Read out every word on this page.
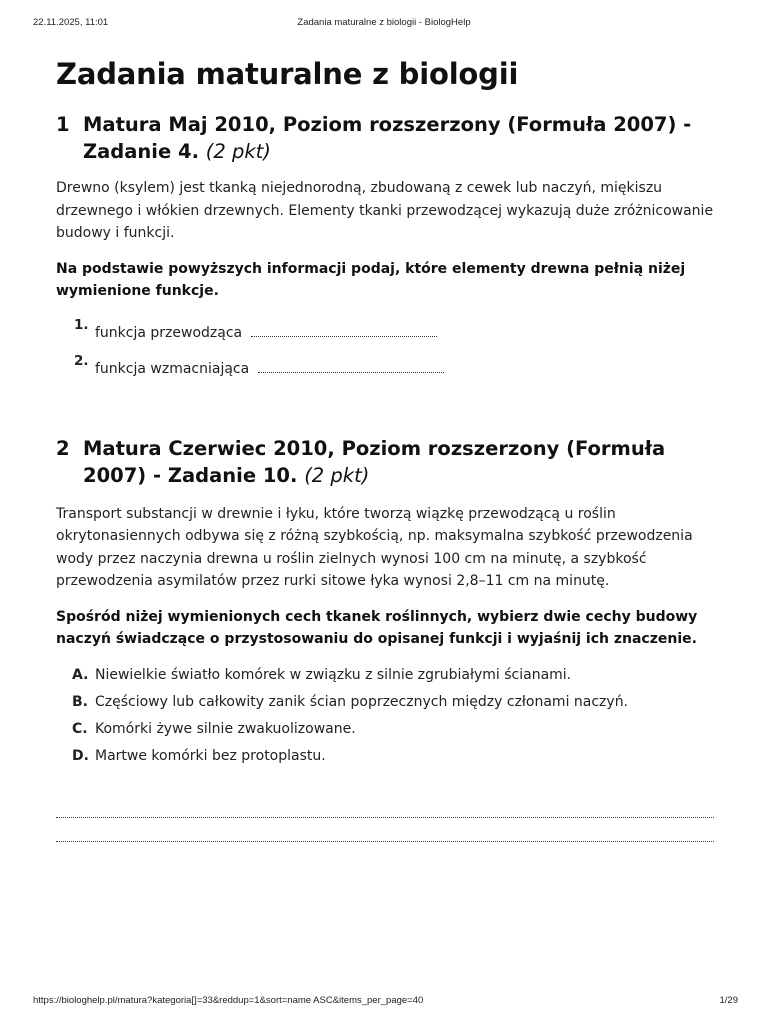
22.11.2025, 11:01	Zadania maturalne z biologii - BiologHelp
Zadania maturalne z biologii
1 Matura Maj 2010, Poziom rozszerzony (Formuła 2007) - Zadanie 4. (2 pkt)

Drewno (ksylem) jest tkanką niejednorodną, zbudowaną z cewek lub naczyń, miękiszu drzewnego i włókien drzewnych. Elementy tkanki przewodzącej wykazują duże zróżnicowanie budowy i funkcji.

Na podstawie powyższych informacji podaj, które elementy drewna pełnią niżej wymienione funkcje.

1. funkcja przewodząca
2. funkcja wzmacniająca
2 Matura Czerwiec 2010, Poziom rozszerzony (Formuła
2007) - Zadanie 10. (2 pkt)

Transport substancji w drewnie i łyku, które tworzą wiązkę przewodzącą u roślin okrytonasiennych odbywa się z różną szybkością, np. maksymalna szybkość przewodzenia wody przez naczynia drewna u roślin zielnych wynosi 100 cm na minutę, a szybkość przewodzenia asymilatów przez rurki sitowe łyka wynosi 2,8–11 cm na minutę.

Spośród niżej wymienionych cech tkanek roślinnych, wybierz dwie cechy budowy naczyń świadczące o przystosowaniu do opisanej funkcji i wyjaśnij ich znaczenie.

A. Niewielkie światło komórek w związku z silnie zgrubiałymi ścianami.
B. Częściowy lub całkowity zanik ścian poprzecznych między członami naczyń.
C. Komórki żywe silnie zwakuolizowane.
D. Martwe komórki bez protoplastu.
https://biologhelp.pl/matura?kategoria[]=33&reddup=1&sort=name ASC&items_per_page=40	1/29
